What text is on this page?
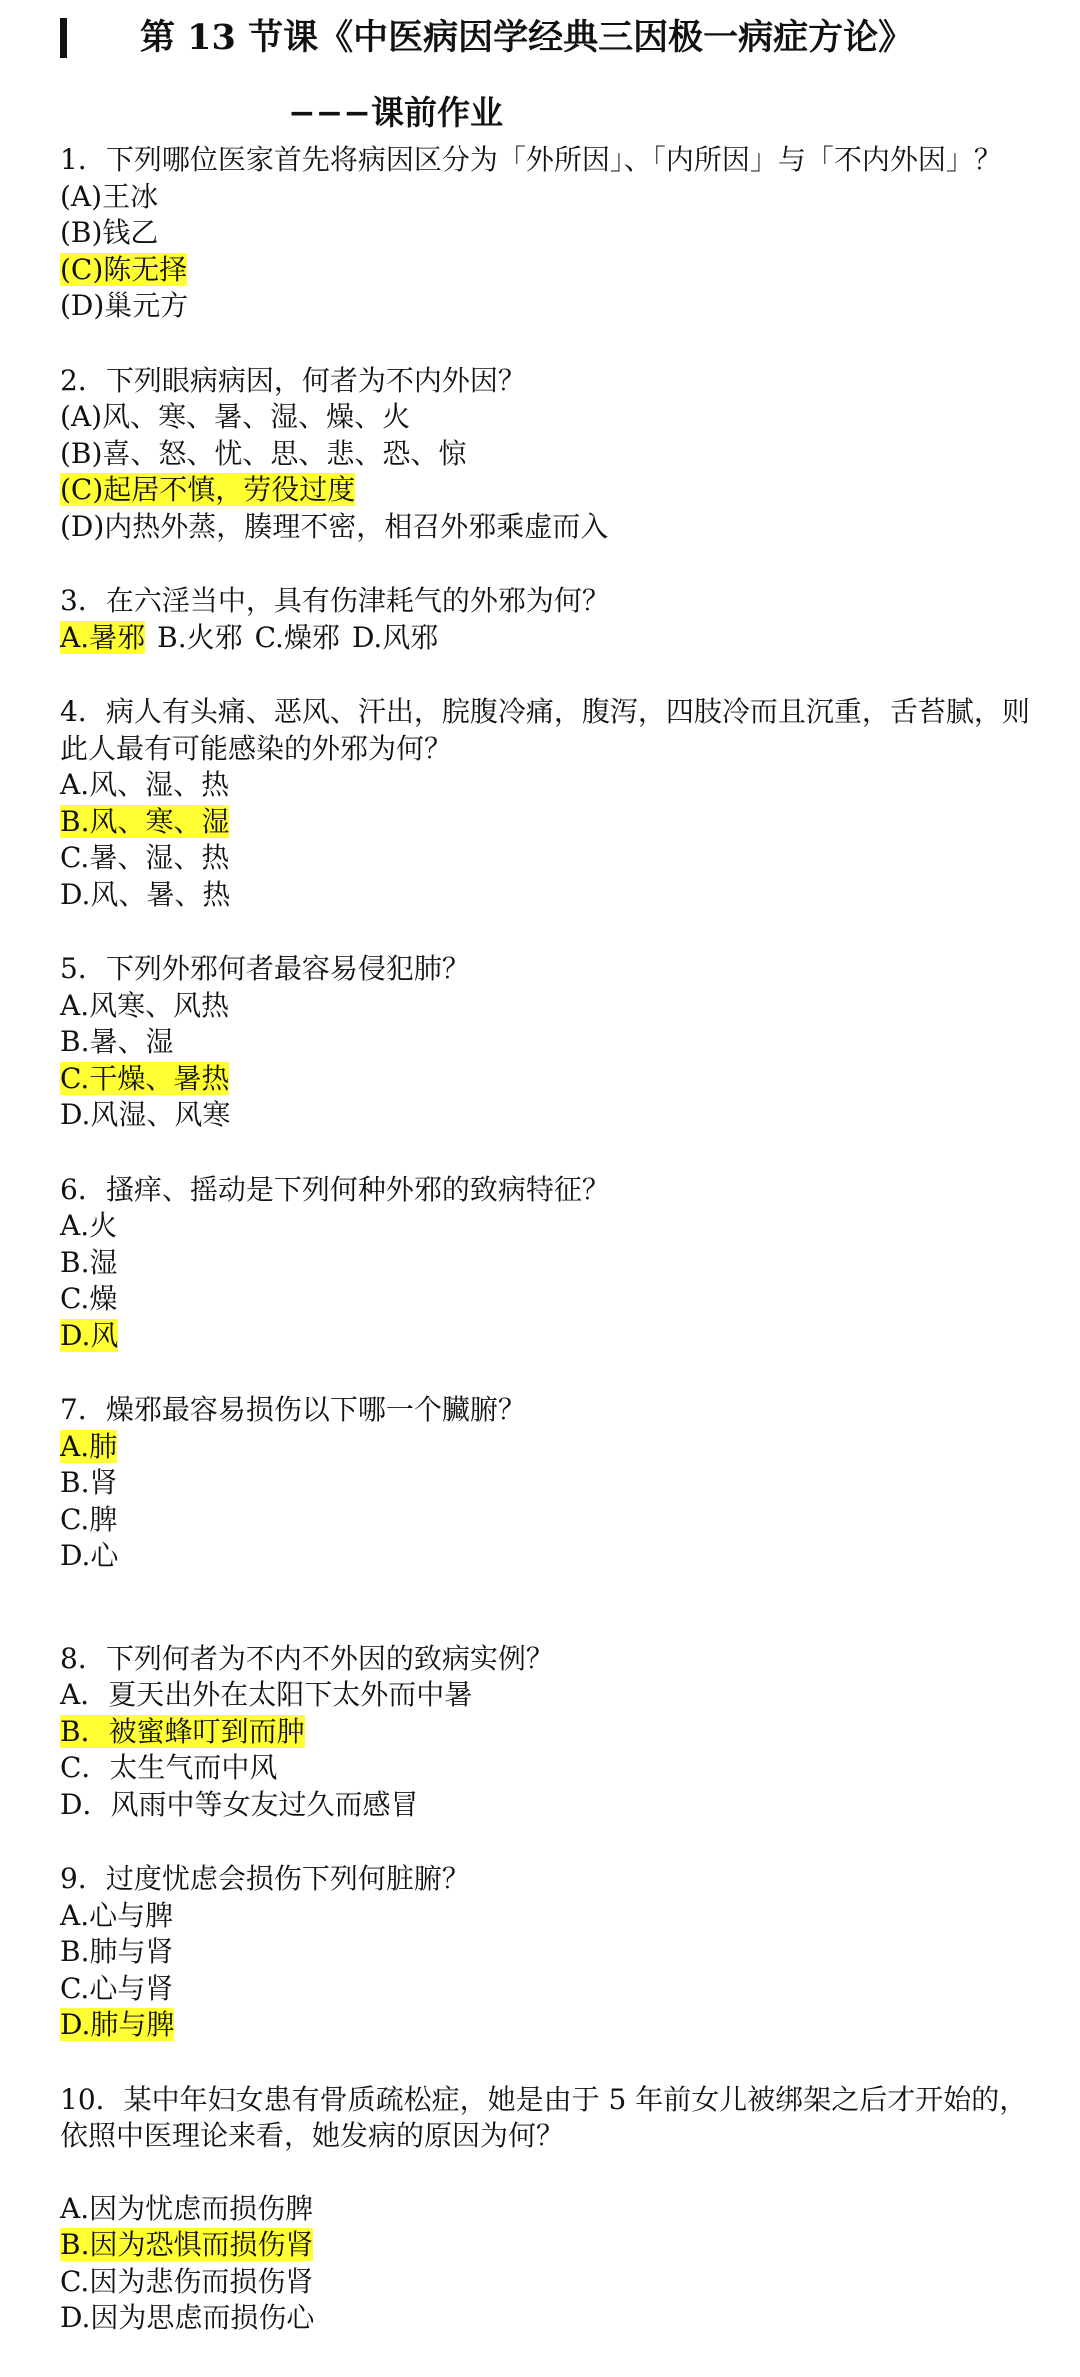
第 13 节课《中医病因学经典三因极一病症方论》
−−−课前作业
1．下列哪位医家首先将病因区分为「外所因」、「内所因」与「不内外因」？
(A)王冰
(B)钱乙
(C)陈无择
(D)巢元方
2．下列眼病病因，何者为不内外因？
(A)风、寒、暑、湿、燥、火
(B)喜、怒、忧、思、悲、恐、惊
(C)起居不慎，劳役过度
(D)内热外蒸，腠理不密，相召外邪乘虚而入
3．在六淫当中，具有伤津耗气的外邪为何？
A.暑邪 B.火邪 C.燥邪 D.风邪
4．病人有头痛、恶风、汗出，脘腹冷痛，腹泻，四肢冷而且沉重，舌苔腻，则此人最有可能感染的外邪为何？
A.风、湿、热
B.风、寒、湿
C.暑、湿、热
D.风、暑、热
5．下列外邪何者最容易侵犯肺？
A.风寒、风热
B.暑、湿
C.干燥、暑热
D.风湿、风寒
6．搔痒、摇动是下列何种外邪的致病特征？
A.火
B.湿
C.燥
D.风
7．燥邪最容易损伤以下哪一个臟腑？
A.肺
B.肾
C.脾
D.心
8．下列何者为不内不外因的致病实例？
A．夏天出外在太阳下太外而中暑
B．被蜜蜂叮到而肿
C．太生气而中风
D．风雨中等女友过久而感冒
9．过度忧虑会损伤下列何脏腑？
A.心与脾
B.肺与肾
C.心与肾
D.肺与脾
10．某中年妇女患有骨质疏松症，她是由于 5 年前女儿被绑架之后才开始的，依照中医理论来看，她发病的原因为何？
A.因为忧虑而损伤脾
B.因为恐惧而损伤肾
C.因为悲伤而损伤肾
D.因为思虑而损伤心
